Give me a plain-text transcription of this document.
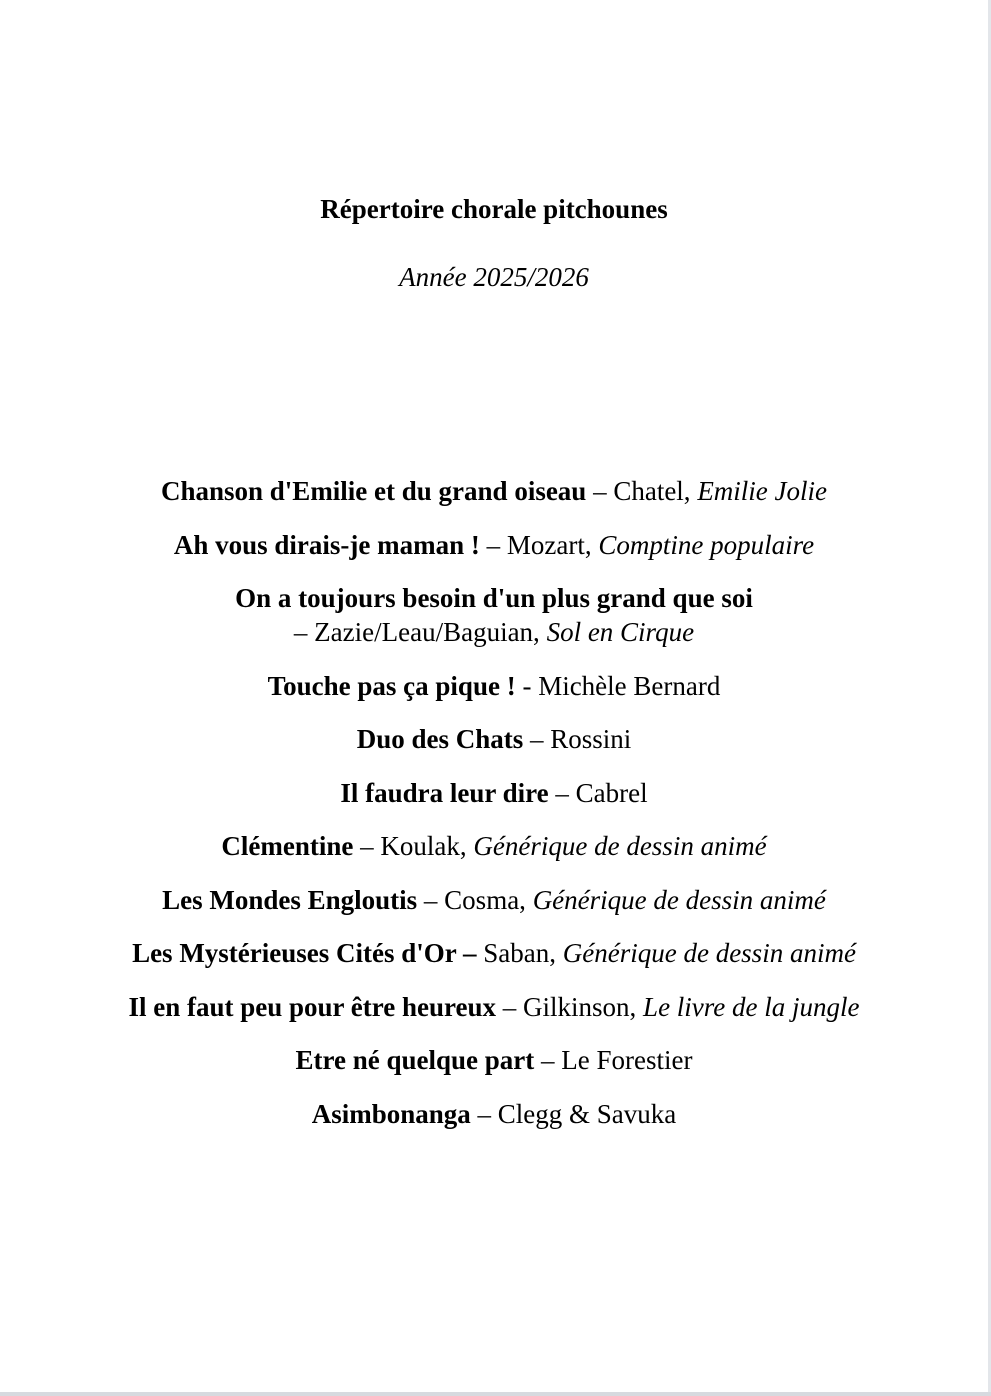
Répertoire chorale pitchounes
Année 2025/2026
Chanson d'Emilie et du grand oiseau – Chatel, Emilie Jolie
Ah vous dirais-je maman ! – Mozart, Comptine populaire
On a toujours besoin d'un plus grand que soi
– Zazie/Leau/Baguian, Sol en Cirque
Touche pas ça pique ! - Michèle Bernard
Duo des Chats – Rossini
Il faudra leur dire – Cabrel
Clémentine – Koulak, Générique de dessin animé
Les Mondes Engloutis – Cosma, Générique de dessin animé
Les Mystérieuses Cités d'Or – Saban, Générique de dessin animé
Il en faut peu pour être heureux – Gilkinson, Le livre de la jungle
Etre né quelque part – Le Forestier
Asimbonanga – Clegg & Savuka
